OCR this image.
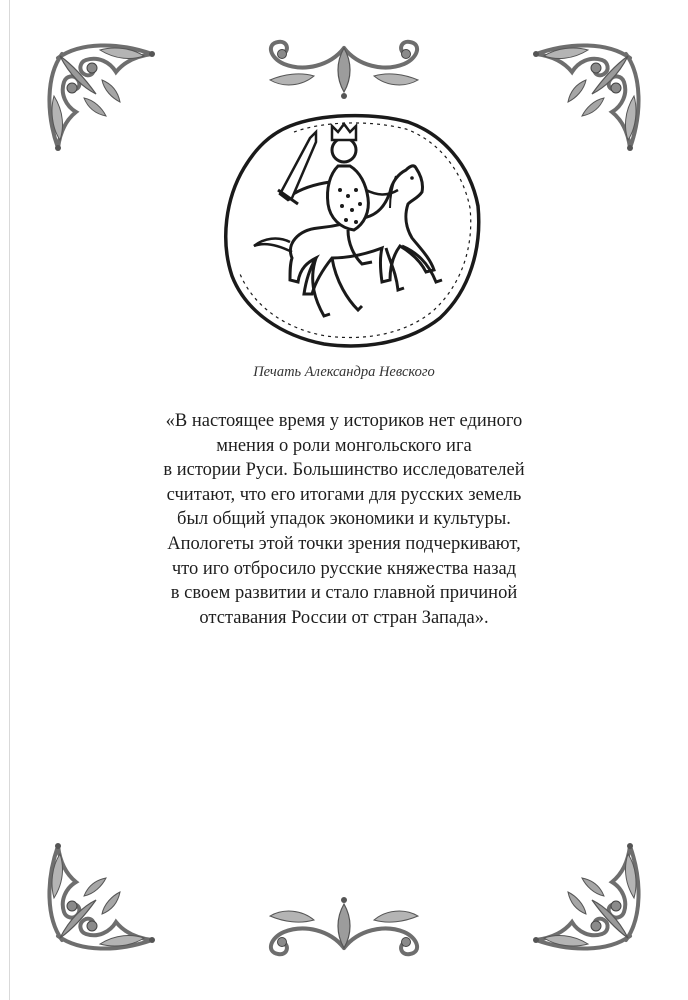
Печать Александра Невского
«В настоящее время у историков нет единого
мнения о роли монгольского ига
в истории Руси. Большинство исследователей
считают, что его итогами для русских земель
был общий упадок экономики и культуры.
Апологеты этой точки зрения подчеркивают,
что иго отбросило русские княжества назад
в своем развитии и стало главной причиной
отставания России от стран Запада».
